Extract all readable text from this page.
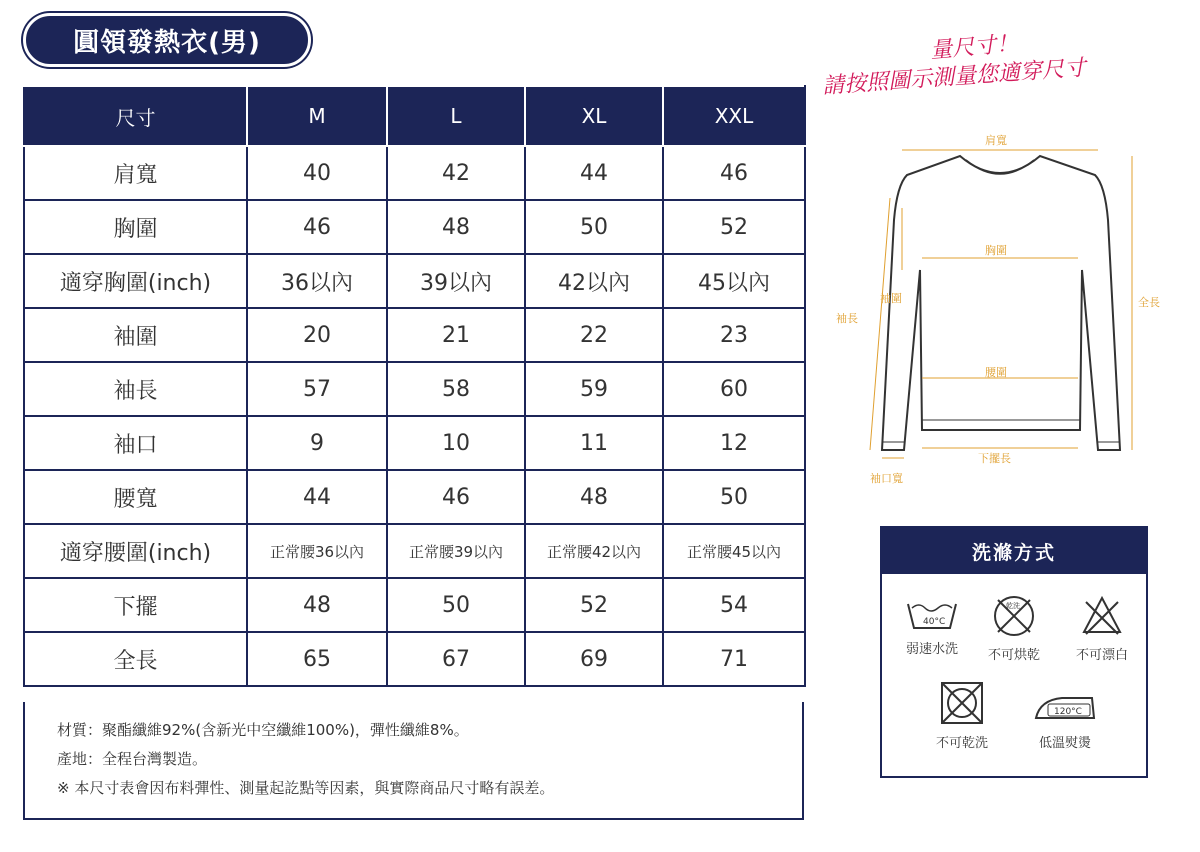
圓領發熱衣(男)	量尺寸！
請按照圖示測量您適穿尺寸
尺寸	M	L	XL	XXL
肩寬	40	42	44	46
胸圍	46	48	50	52
適穿胸圍(inch)	36以內	39以內	42以內	45以內
袖圍	20	21	22	23
袖長	57	58	59	60
袖口	9	10	11	12
腰寬	44	46	48	50
適穿腰圍(inch)	正常腰36以內	正常腰39以內	正常腰42以內	正常腰45以內
下擺	48	50	52	54
全長	65	67	69	71
材質：聚酯纖維92%(含新光中空纖維100%)，彈性纖維8%。
產地：全程台灣製造。
※ 本尺寸表會因布料彈性、測量起訖點等因素，與實際商品尺寸略有誤差。
肩寬
胸圍
袖圍
袖長
全長
腰圍
下擺長
袖口寬
洗滌方式
40°C
弱速水洗
乾洗
不可烘乾	不可漂白
不可乾洗
120°C
低溫熨燙
